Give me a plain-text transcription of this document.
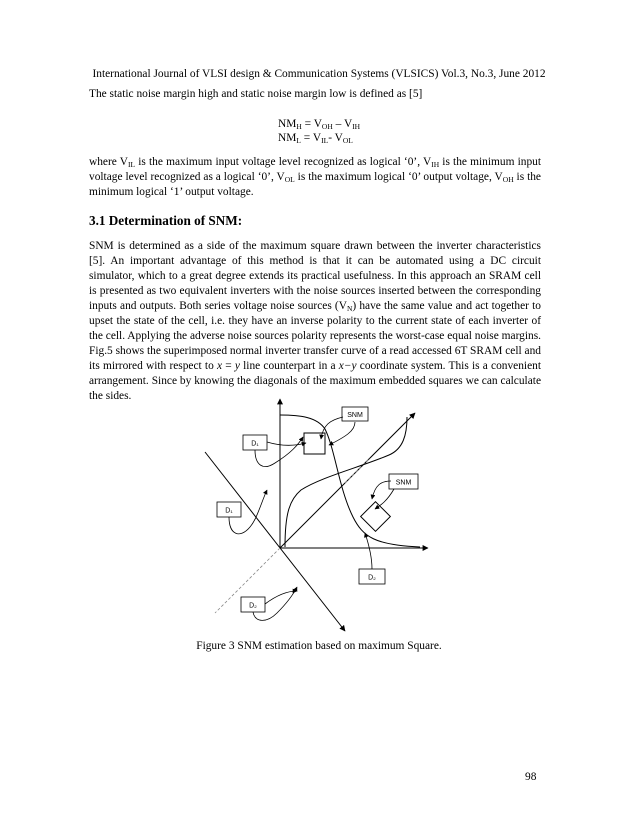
International Journal of VLSI design & Communication Systems (VLSICS) Vol.3, No.3, June 2012
The static noise margin high and static noise margin low is defined as [5]
$NM_H = V_{OH} - V_{IH}$
$NM_L = V_{IL}-$ $V_{OL}$
where $V_{IL}$ is the maximum input voltage level recognized as logical ‘0’, $V_{IH}$ is the minimum input voltage level recognized as a logical ‘0’, $V_{OL}$ is the maximum logical ‘0’ output voltage, $V_{OH}$ is the minimum logical ‘1’ output voltage.
3.1 Determination of SNM:
SNM is determined as a side of the maximum square drawn between the inverter characteristics [5]. An important advantage of this method is that it can be automated using a DC circuit simulator, which to a great degree extends its practical usefulness. In this approach an SRAM cell is presented as two equivalent inverters with the noise sources inserted between the corresponding inputs and outputs. Both series voltage noise sources $(V_N)$ have the same value and act together to upset the state of the cell, i.e. they have an inverse polarity to the current state of each inverter of the cell. Applying the adverse noise sources polarity represents the worst-case equal noise margins. Fig.5 shows the superimposed normal inverter transfer curve of a read accessed 6T SRAM cell and its mirrored with respect to x = y line counterpart in a x−y coordinate system. This is a convenient arrangement. Since by knowing the diagonals of the maximum embedded squares we can calculate the sides.
SNM
SNM
D₁
D₁
D₂
D₂
Figure 3 SNM estimation based on maximum Square.
98
